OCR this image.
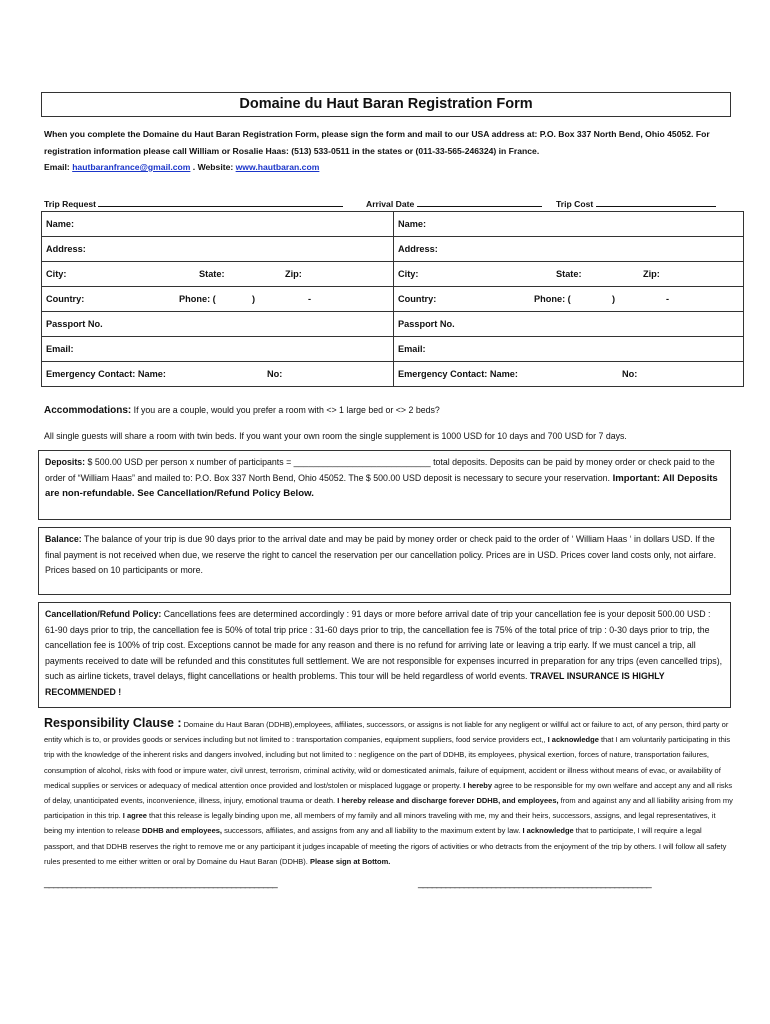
Domaine du Haut Baran Registration Form
When you complete the Domaine du Haut Baran Registration Form, please sign the form and mail to our USA address at: P.O. Box 337 North Bend, Ohio 45052. For registration information please call William or Rosalie Haas: (513) 533-0511 in the states or (011-33-565-246324) in France.
Email: hautbaranfrance@gmail.com . Website: www.hautbaran.com
Trip Request	Arrival Date	Trip Cost
Name:	Name:
Address:	Address:

City: State: Zip:	City: State: Zip:

Country: Phone: ( ) -	Country: Phone: ( ) -

Passport No.	Passport No.
Email:	Email:

Emergency Contact: Name: No:	Emergency Contact: Name: No:
Accommodations: If you are a couple, would you prefer a room with <> 1 large bed or <> 2 beds?
All single guests will share a room with twin beds. If you want your own room the single supplement is 1000 USD for 10 days and 700 USD for 7 days.
Deposits: $ 500.00 USD per person x number of participants = ____________________________ total deposits. Deposits can be paid by money order or check paid to the order of “William Haas” and mailed to: P.O. Box 337 North Bend, Ohio 45052. The $ 500.00 USD deposit is necessary to secure your reservation. Important: All Deposits are non-refundable. See Cancellation/Refund Policy Below.
Balance: The balance of your trip is due 90 days prior to the arrival date and may be paid by money order or check paid to the order of ‘ William Haas ‘ in dollars USD. If the final payment is not received when due, we reserve the right to cancel the reservation per our cancellation policy. Prices are in USD. Prices cover land costs only, not airfare. Prices based on 10 participants or more.
Cancellation/Refund Policy: Cancellations fees are determined accordingly : 91 days or more before arrival date of trip your cancellation fee is your deposit 500.00 USD : 61-90 days prior to trip, the cancellation fee is 50% of total trip price : 31-60 days prior to trip, the cancellation fee is 75% of the total price of trip : 0-30 days prior to trip, the cancellation fee is 100% of trip cost. Exceptions cannot be made for any reason and there is no refund for arriving late or leaving a trip early. If we must cancel a trip, all payments received to date will be refunded and this constitutes full settlement. We are not responsible for expenses incurred in preparation for any trips (even cancelled trips), such as airline tickets, travel delays, flight cancellations or health problems. This tour will be held regardless of world events. TRAVEL INSURANCE IS HIGHLY RECOMMENDED !
Responsibility Clause : Domaine du Haut Baran (DDHB),employees, affiliates, successors, or assigns is not liable for any negligent or willful act or failure to act, of any person, third party or entity which is to, or provides goods or services including but not limited to : transportation companies, equipment suppliers, food service providers ect,, I acknowledge that I am voluntarily participating in this trip with the knowledge of the inherent risks and dangers involved, including but not limited to : negligence on the part of DDHB, its employees, physical exertion, forces of nature, transportation failures, consumption of alcohol, risks with food or impure water, civil unrest, terrorism, criminal activity, wild or domesticated animals, failure of equipment, accident or illness without means of evac, or availability of medical supplies or services or adequacy of medical attention once provided and lost/stolen or misplaced luggage or property. I hereby agree to be responsible for my own welfare and accept any and all risks of delay, unanticipated events, inconvenience, illness, injury, emotional trauma or death. I hereby release and discharge forever DDHB, and employees, from and against any and all liability arising from my participation in this trip. I agree that this release is legally binding upon me, all members of my family and all minors traveling with me, my and their heirs, successors, assigns, and legal representatives, it being my intention to release DDHB and employees, successors, affiliates, and assigns from any and all liability to the maximum extent by law. I acknowledge that to participate, I will require a legal passport, and that DDHB reserves the right to remove me or any participant it judges incapable of meeting the rigors of activities or who detracts from the enjoyment of the trip by others. I will follow all safety rules presented to me either written or oral by Domaine du Haut Baran (DDHB). Please sign at Bottom.
___________________________________________________	___________________________________________________
